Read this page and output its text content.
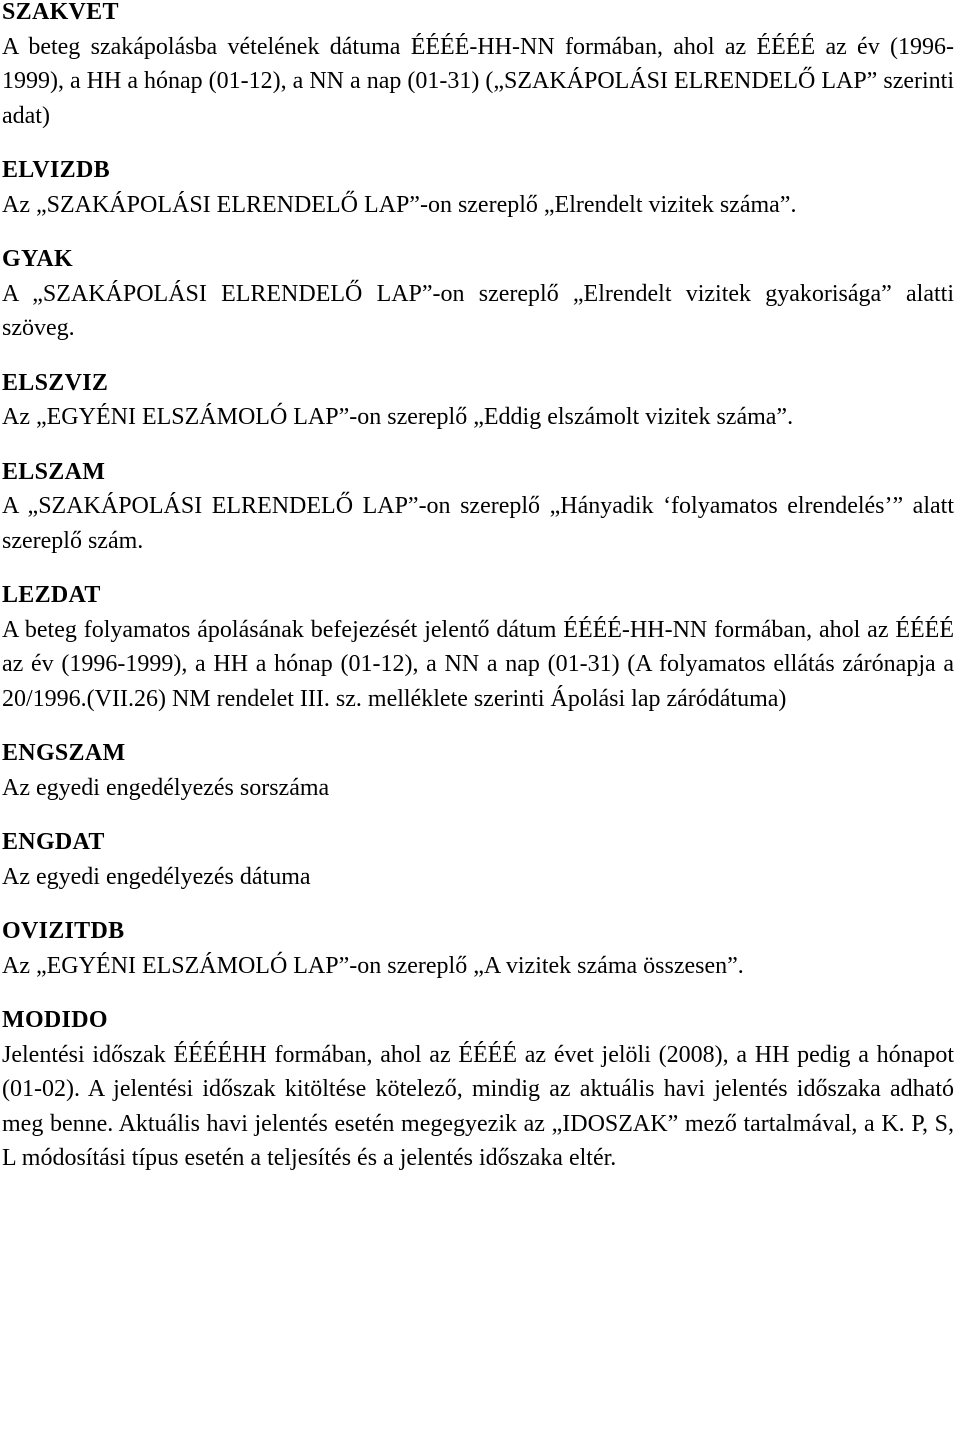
SZAKVET

A beteg szakápolásba vételének dátuma ÉÉÉÉ-HH-NN formában, ahol az ÉÉÉÉ az év (1996-1999), a HH a hónap (01-12), a NN a nap (01-31) („SZAKÁPOLÁSI ELRENDELŐ LAP” szerinti adat)

ELVIZDB

Az „SZAKÁPOLÁSI ELRENDELŐ LAP”-on szereplő „Elrendelt vizitek száma”.

GYAK

A „SZAKÁPOLÁSI ELRENDELŐ LAP”-on szereplő „Elrendelt vizitek gyakorisága” alatti szöveg.

ELSZVIZ

Az „EGYÉNI ELSZÁMOLÓ LAP”-on szereplő „Eddig elszámolt vizitek száma”.

ELSZAM

A „SZAKÁPOLÁSI ELRENDELŐ LAP”-on szereplő „Hányadik ‘folyamatos elrendelés’” alatt szereplő szám.

LEZDAT

A beteg folyamatos ápolásának befejezését jelentő dátum ÉÉÉÉ-HH-NN formában, ahol az ÉÉÉÉ az év (1996-1999), a HH a hónap (01-12), a NN a nap (01-31) (A folyamatos ellátás zárónapja a 20/1996.(VII.26) NM rendelet III. sz. melléklete szerinti Ápolási lap záródátuma)

ENGSZAM

Az egyedi engedélyezés sorszáma

ENGDAT

Az egyedi engedélyezés dátuma

OVIZITDB

Az „EGYÉNI ELSZÁMOLÓ LAP”-on szereplő „A vizitek száma összesen”.

MODIDO

Jelentési időszak ÉÉÉÉHH formában, ahol az ÉÉÉÉ az évet jelöli (2008), a HH pedig a hónapot (01-02). A jelentési időszak kitöltése kötelező, mindig az aktuális havi jelentés időszaka adható meg benne. Aktuális havi jelentés esetén megegyezik az „IDOSZAK” mező tartalmával, a K. P, S, L módosítási típus esetén a teljesítés és a jelentés időszaka eltér.
